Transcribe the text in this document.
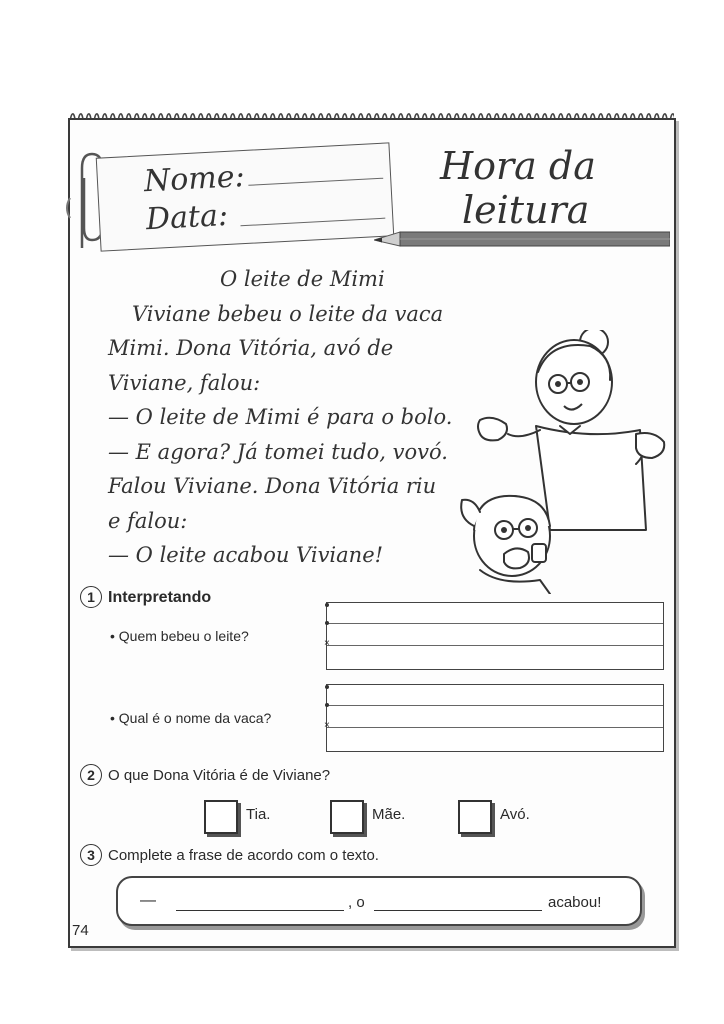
Nome:
Data:
Hora da
leitura
O leite de Mimi
Viviane bebeu o leite da vaca
Mimi. Dona Vitória, avó de
Viviane, falou:
— O leite de Mimi é para o bolo.
— E agora? Já tomei tudo, vovó.
Falou Viviane. Dona Vitória riu
e falou:
— O leite acabou Viviane!
1 Interpretando
• Quem bebeu o leite?	×
• Qual é o nome da vaca?	×
2 O que Dona Vitória é de Viviane?
Tia.	Mãe.	Avó.
3 Complete a frase de acordo com o texto.
—	, o	acabou!
74
